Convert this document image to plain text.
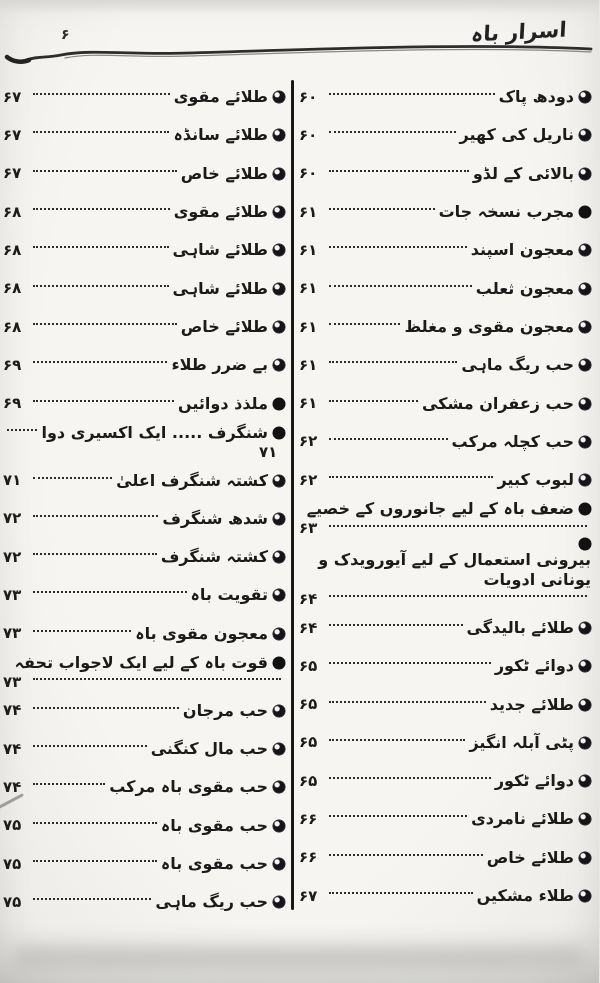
۶	اسرار باہ
دودھ پاک
۶۰
ناریل کی کھیر
۶۰
بالائی کے لڈو
۶۰
مجرب نسخہ جات
۶۱
معجون اسپند
۶۱
معجون ثعلب
۶۱
معجون مقوی و مغلظ
۶۱
حب ریگ ماہی
۶۱
حب زعفران مشکی
۶۱
حب کچلہ مرکب
۶۲
لبوب کبیر
۶۲
ضعف باہ کے لیے جانوروں کے خصیے
۶۳
بیرونی استعمال کے لیے آیورویدک و یونانی ادویات
۶۴
طلائے بالیدگی
۶۴
دوائے ٹکور
۶۵
طلائے جدید
۶۵
پٹی آبلہ انگیز
۶۵
دوائے ٹکور
۶۵
طلائے نامردی
۶۶
طلائے خاص
۶۶
طلاء مشکیں
۶۷
طلائے مقوی
۶۷
طلائے سانڈہ
۶۷
طلائے خاص
۶۷
طلائے مقوی
۶۸
طلائے شاہی
۶۸
طلائے شاہی
۶۸
طلائے خاص
۶۸
بے ضرر طلاء
۶۹
ملذذ دوائیں
۶۹
شنگرف ..... ایک اکسیری دوا
۷۱
کشتہ شنگرف اعلیٰ
۷۱
شدھ شنگرف
۷۲
کشتہ شنگرف
۷۲
تقویت باہ
۷۳
معجون مقوی باہ
۷۳
قوت باہ کے لیے ایک لاجواب تحفہ
۷۳
حب مرجان
۷۴
حب مال کنگنی
۷۴
حب مقوی باہ مرکب
۷۴
حب مقوی باہ
۷۵
حب مقوی باہ
۷۵
حب ریگ ماہی
۷۵
